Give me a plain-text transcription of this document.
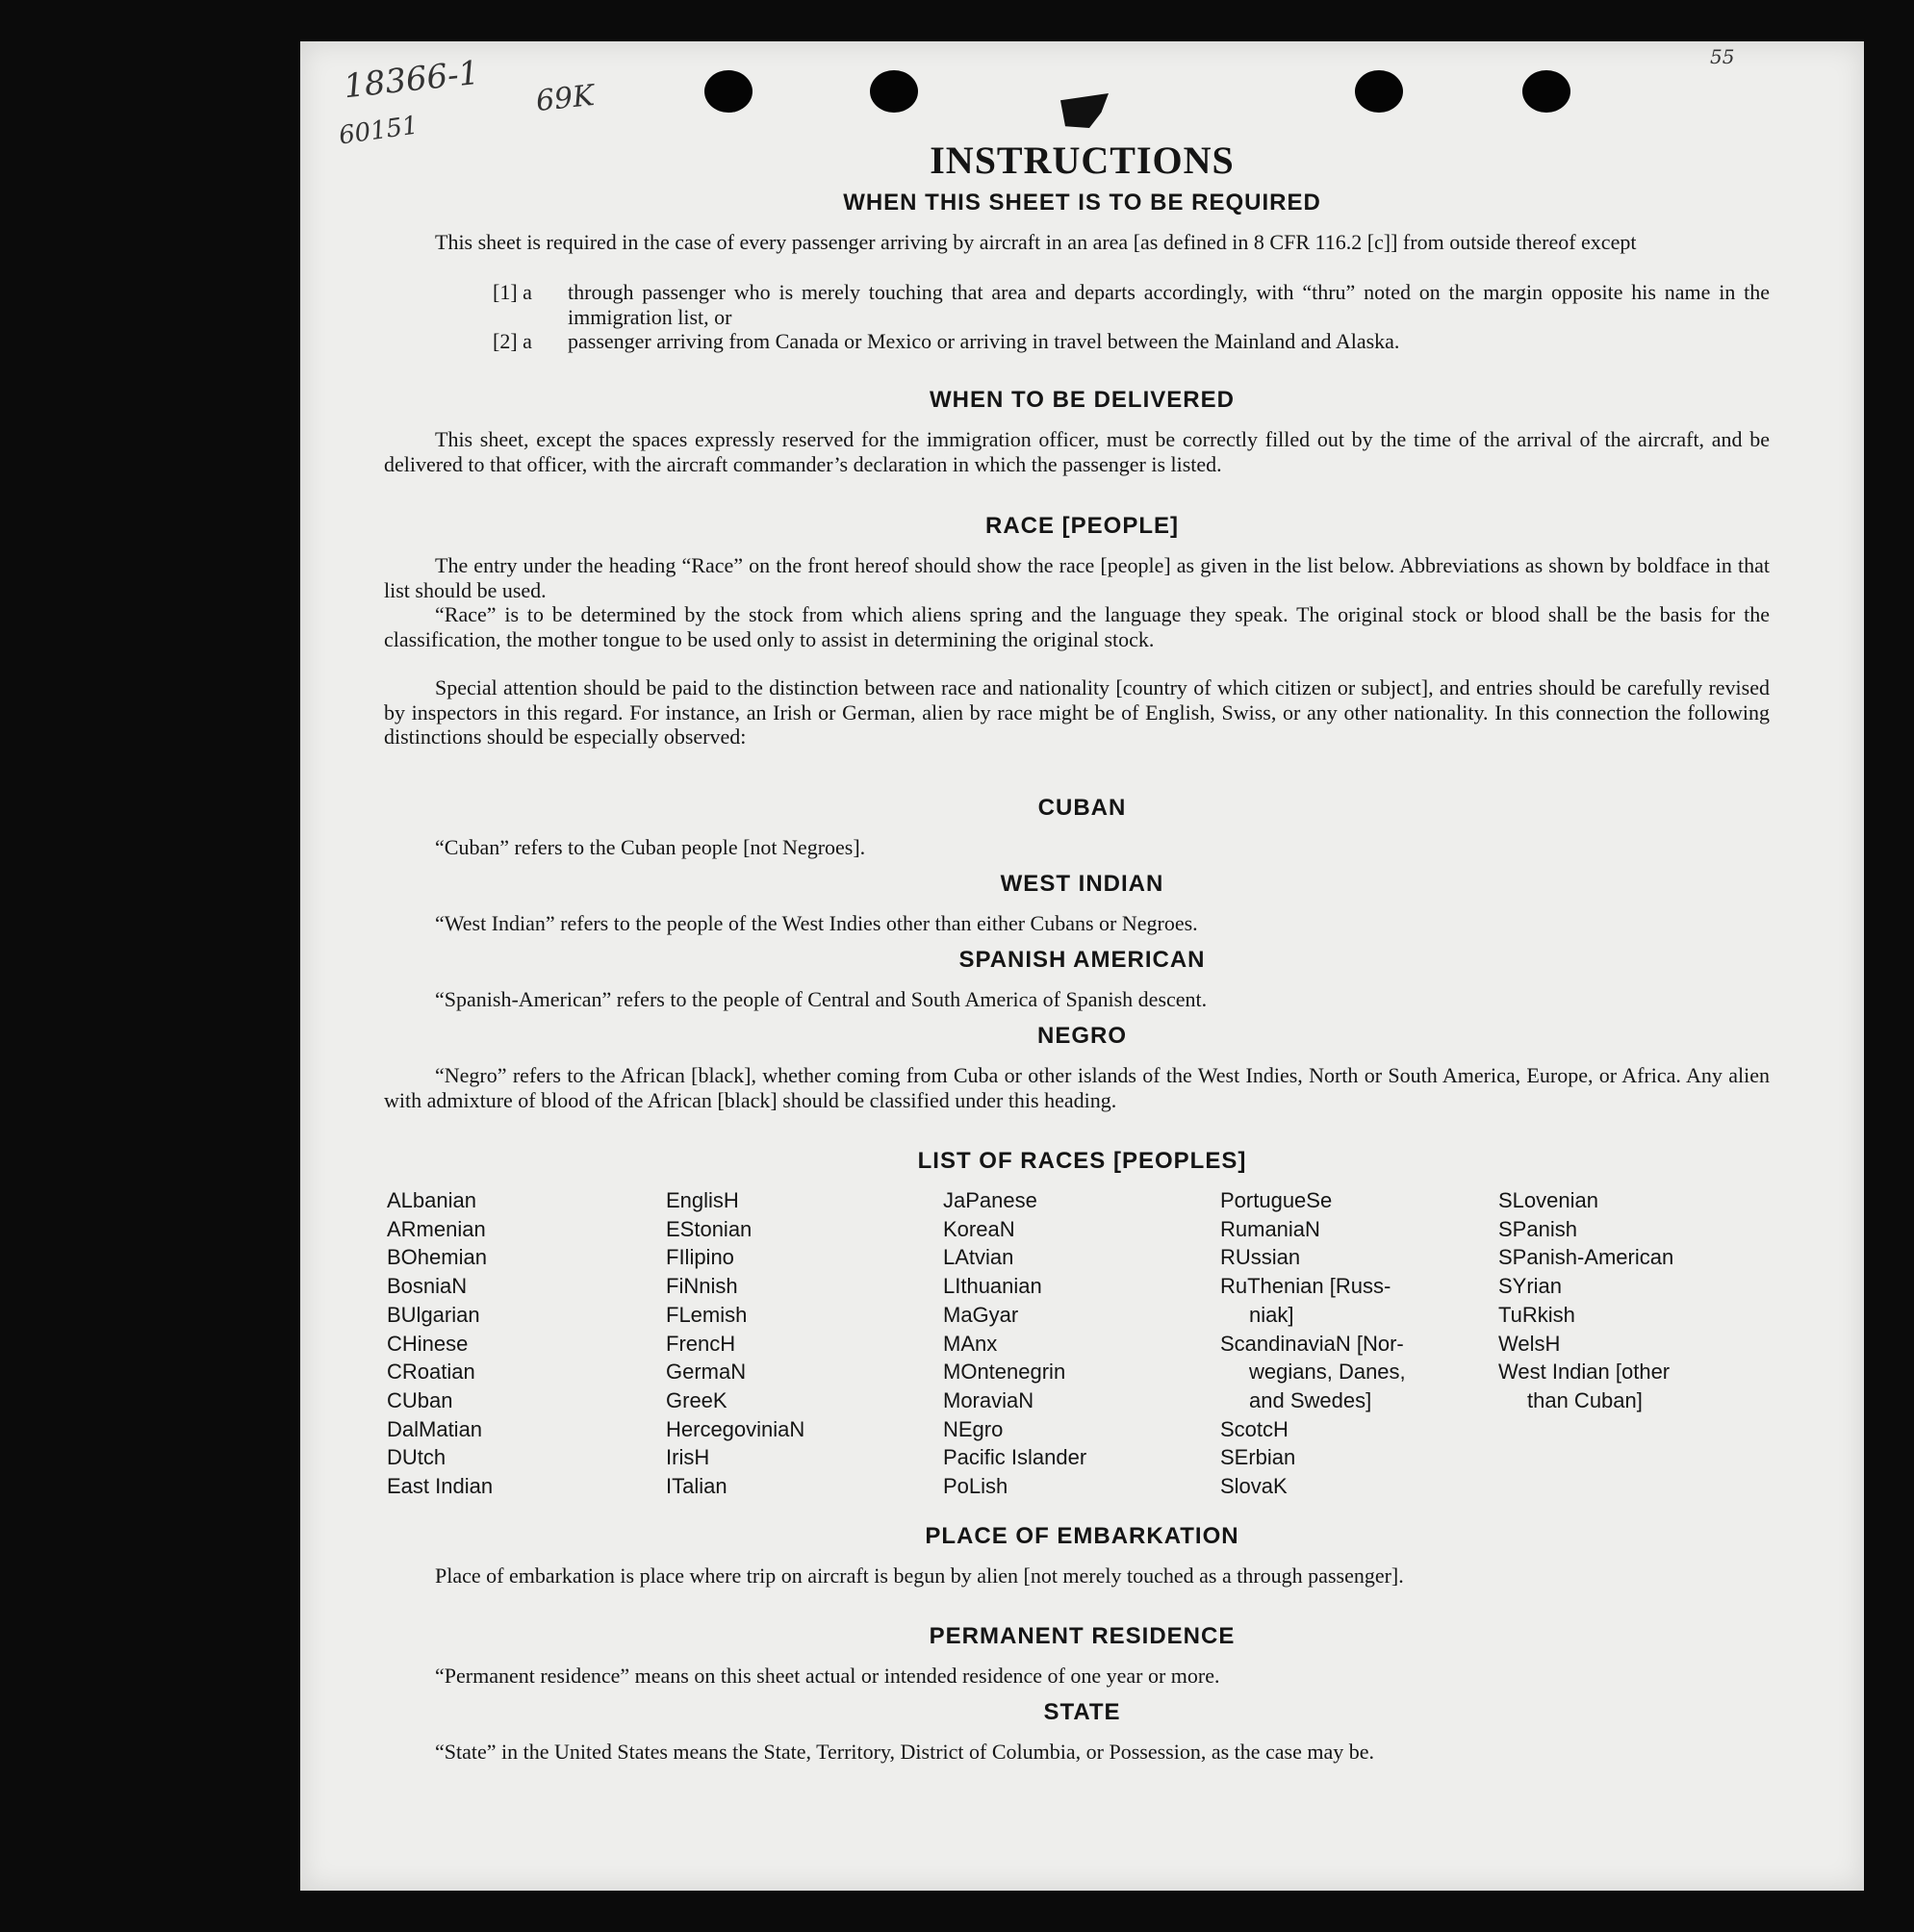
18366-1
60151
69K
55
INSTRUCTIONS
WHEN THIS SHEET IS TO BE REQUIRED
This sheet is required in the case of every passenger arriving by aircraft in an area [as defined in 8 CFR 116.2 [c]] from outside thereof except
[1] a through passenger who is merely touching that area and departs accordingly, with “thru” noted on the margin opposite his name in the immigration list, or
[2] a passenger arriving from Canada or Mexico or arriving in travel between the Mainland and Alaska.
WHEN TO BE DELIVERED
This sheet, except the spaces expressly reserved for the immigration officer, must be correctly filled out by the time of the arrival of the aircraft, and be delivered to that officer, with the aircraft commander’s declaration in which the passenger is listed.
RACE [PEOPLE]
The entry under the heading “Race” on the front hereof should show the race [people] as given in the list below. Abbreviations as shown by boldface in that list should be used.
“Race” is to be determined by the stock from which aliens spring and the language they speak. The original stock or blood shall be the basis for the classification, the mother tongue to be used only to assist in determining the original stock.
Special attention should be paid to the distinction between race and nationality [country of which citizen or subject], and entries should be carefully revised by inspectors in this regard. For instance, an Irish or German, alien by race might be of English, Swiss, or any other nationality. In this connection the following distinctions should be especially observed:
CUBAN
“Cuban” refers to the Cuban people [not Negroes].
WEST INDIAN
“West Indian” refers to the people of the West Indies other than either Cubans or Negroes.
SPANISH AMERICAN
“Spanish-American” refers to the people of Central and South America of Spanish descent.
NEGRO
“Negro” refers to the African [black], whether coming from Cuba or other islands of the West Indies, North or South America, Europe, or Africa. Any alien with admixture of blood of the African [black] should be classified under this heading.
LIST OF RACES [PEOPLES]
ALbanian
ARmenian
BOhemian
BosniaN
BUlgarian
CHinese
CRoatian
CUban
DalMatian
DUtch
East Indian
EnglisH
EStonian
FIlipino
FiNnish
FLemish
FrencH
GermaN
GreeK
HercegovinіaN
IrisH
ITalian
JaPanese
KoreaN
LAtvian
LIthuanian
MaGyar
MAnx
MOntenegrin
MoraviaN
NEgro
Pacific Islander
PoLish
PortugueSe
RumaniaN
RUssian
RuThenian [Russ-
niak]
ScandinaviaN [Nor-
wegians, Danes,
and Swedes]
ScotcH
SErbian
SlovaK
SLovenian
SPanish
SPanish-American
SYrian
TuRkish
WelsH
West Indian [other
than Cuban]
PLACE OF EMBARKATION
Place of embarkation is place where trip on aircraft is begun by alien [not merely touched as a through passenger].
PERMANENT RESIDENCE
“Permanent residence” means on this sheet actual or intended residence of one year or more.
STATE
“State” in the United States means the State, Territory, District of Columbia, or Possession, as the case may be.
